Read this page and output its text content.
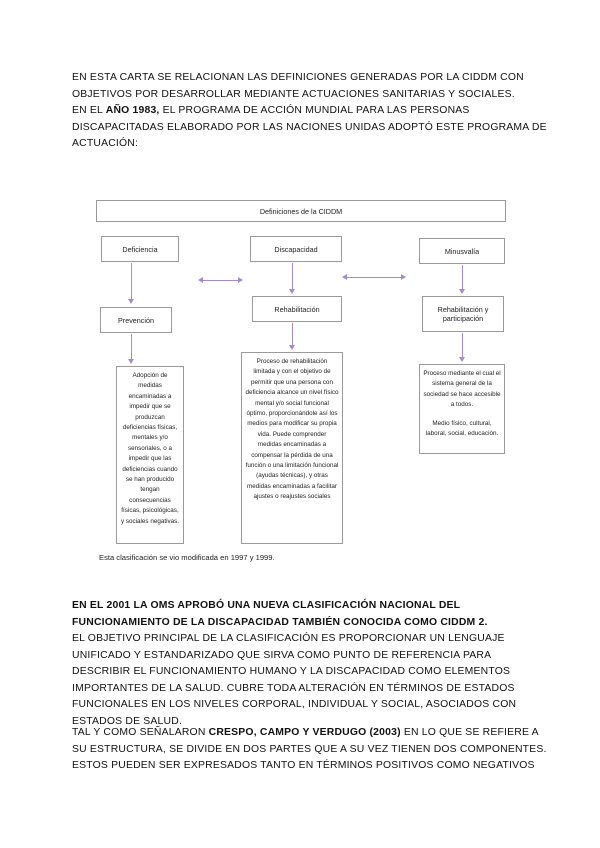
EN ESTA CARTA SE RELACIONAN LAS DEFINICIONES GENERADAS POR LA CIDDM CON
OBJETIVOS POR DESARROLLAR MEDIANTE ACTUACIONES SANITARIAS Y SOCIALES.
EN EL AÑO 1983, EL PROGRAMA DE ACCIÓN MUNDIAL PARA LAS PERSONAS
DISCAPACITADAS ELABORADO POR LAS NACIONES UNIDAS ADOPTÓ ESTE PROGRAMA DE
ACTUACIÓN:
Definiciones de la CIDDM
Deficiencia	Discapacidad	Minusvalía
Prevención
Rehabilitación	Rehabilitación y participación
Adopción de medidas encaminadas a impedir que se produzcan deficiencias físicas, mentales y/o sensoriales, o a impedir que las deficiencias cuando se han producido tengan consecuencias físicas, psicológicas, y sociales negativas.
Proceso de rehabilitación limitada y con el objetivo de permitir que una persona con deficiencia alcance un nivel físico mental y/o social funcional óptimo, proporcionándole así los medios para modificar su propia vida. Puede comprender medidas encaminadas a compensar la pérdida de una función o una limitación funcional (ayudas técnicas), y otras medidas encaminadas a facilitar ajustes o reajustes sociales
Proceso mediante el cual el sistema general de la sociedad se hace accesible a todos.
Medio físico, cultural, laboral, social, educación.
Esta clasificación se vio modificada en 1997 y 1999.
EN EL 2001 LA OMS APROBÓ UNA NUEVA CLASIFICACIÓN NACIONAL DEL
FUNCIONAMIENTO DE LA DISCAPACIDAD TAMBIÉN CONOCIDA COMO CIDDM 2.
EL OBJETIVO PRINCIPAL DE LA CLASIFICACIÓN ES PROPORCIONAR UN LENGUAJE
UNIFICADO Y ESTANDARIZADO QUE SIRVA COMO PUNTO DE REFERENCIA PARA
DESCRIBIR EL FUNCIONAMIENTO HUMANO Y LA DISCAPACIDAD COMO ELEMENTOS
IMPORTANTES DE LA SALUD. CUBRE TODA ALTERACIÓN EN TÉRMINOS DE ESTADOS
FUNCIONALES EN LOS NIVELES CORPORAL, INDIVIDUAL Y SOCIAL, ASOCIADOS CON
ESTADOS DE SALUD.
TAL Y COMO SEÑALARON CRESPO, CAMPO Y VERDUGO (2003) EN LO QUE SE REFIERE A
SU ESTRUCTURA, SE DIVIDE EN DOS PARTES QUE A SU VEZ TIENEN DOS COMPONENTES.
ESTOS PUEDEN SER EXPRESADOS TANTO EN TÉRMINOS POSITIVOS COMO NEGATIVOS
